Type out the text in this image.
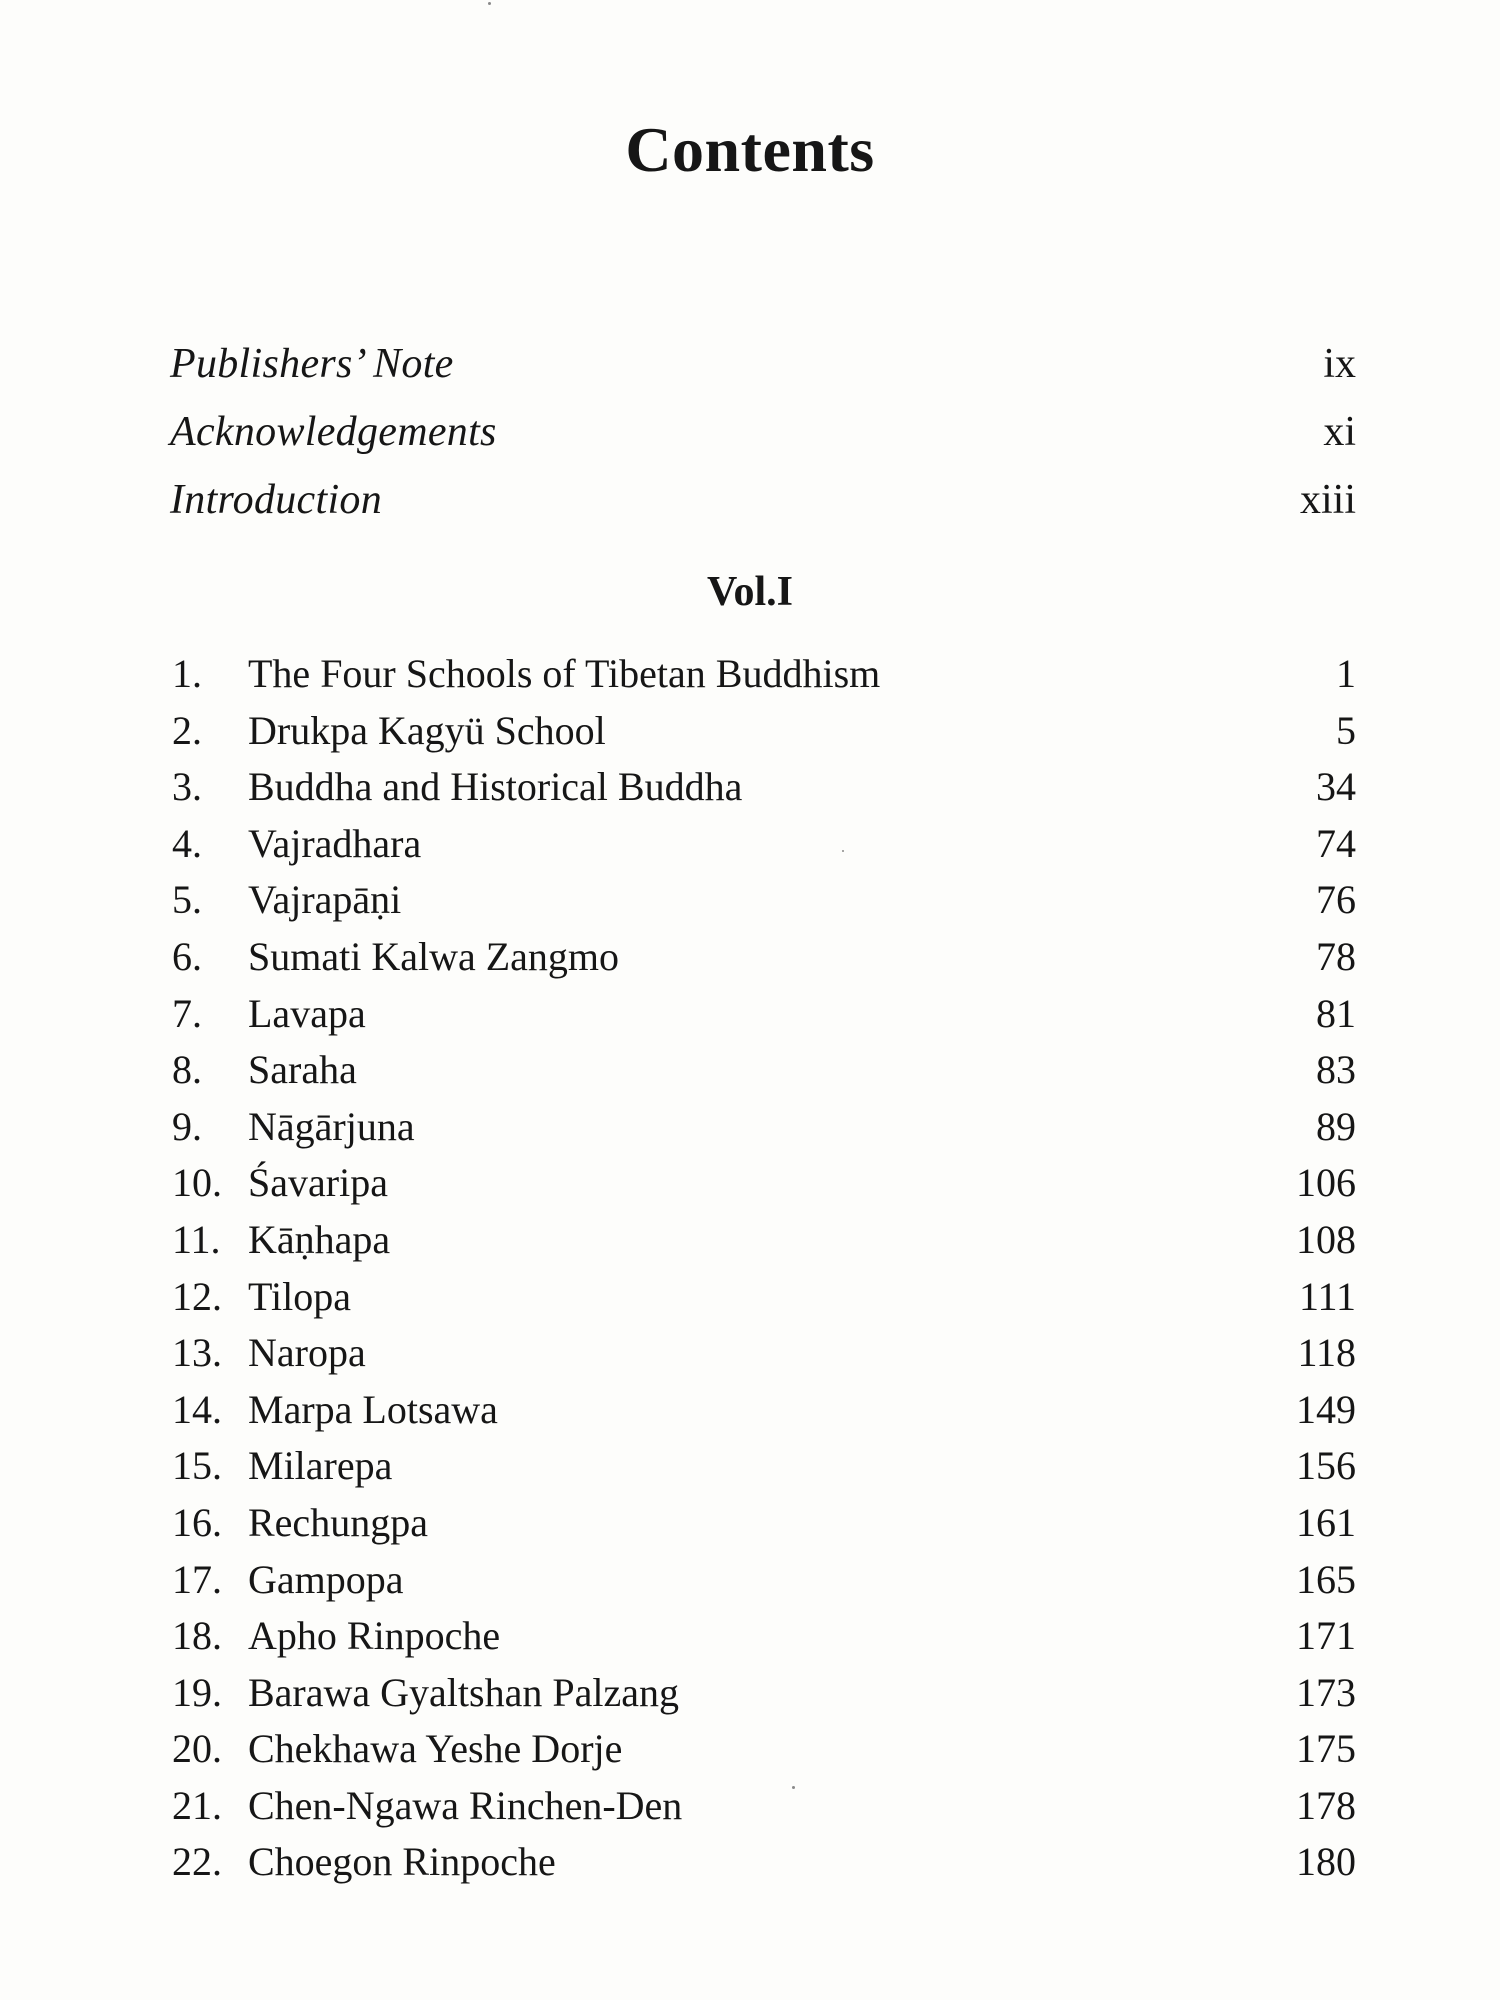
Contents
Publishers’ Note	ix
Acknowledgements	xi
Introduction	xiii
Vol.I
1.	The Four Schools of Tibetan Buddhism	1
2.	Drukpa Kagyü School	5
3.	Buddha and Historical Buddha	34
4.	Vajradhara	74
5.	Vajrapāṇi	76
6.	Sumati Kalwa Zangmo	78
7.	Lavapa	81
8.	Saraha	83
9.	Nāgārjuna	89
10. Śavaripa	106
11. Kāṇhapa	108
12. Tilopa	111
13. Naropa	118
14. Marpa Lotsawa	149
15. Milarepa	156
16. Rechungpa	161
17. Gampopa	165
18. Apho Rinpoche	171
19. Barawa Gyaltshan Palzang	173
20. Chekhawa Yeshe Dorje	175
21. Chen-Ngawa Rinchen-Den	178
22. Choegon Rinpoche	180
